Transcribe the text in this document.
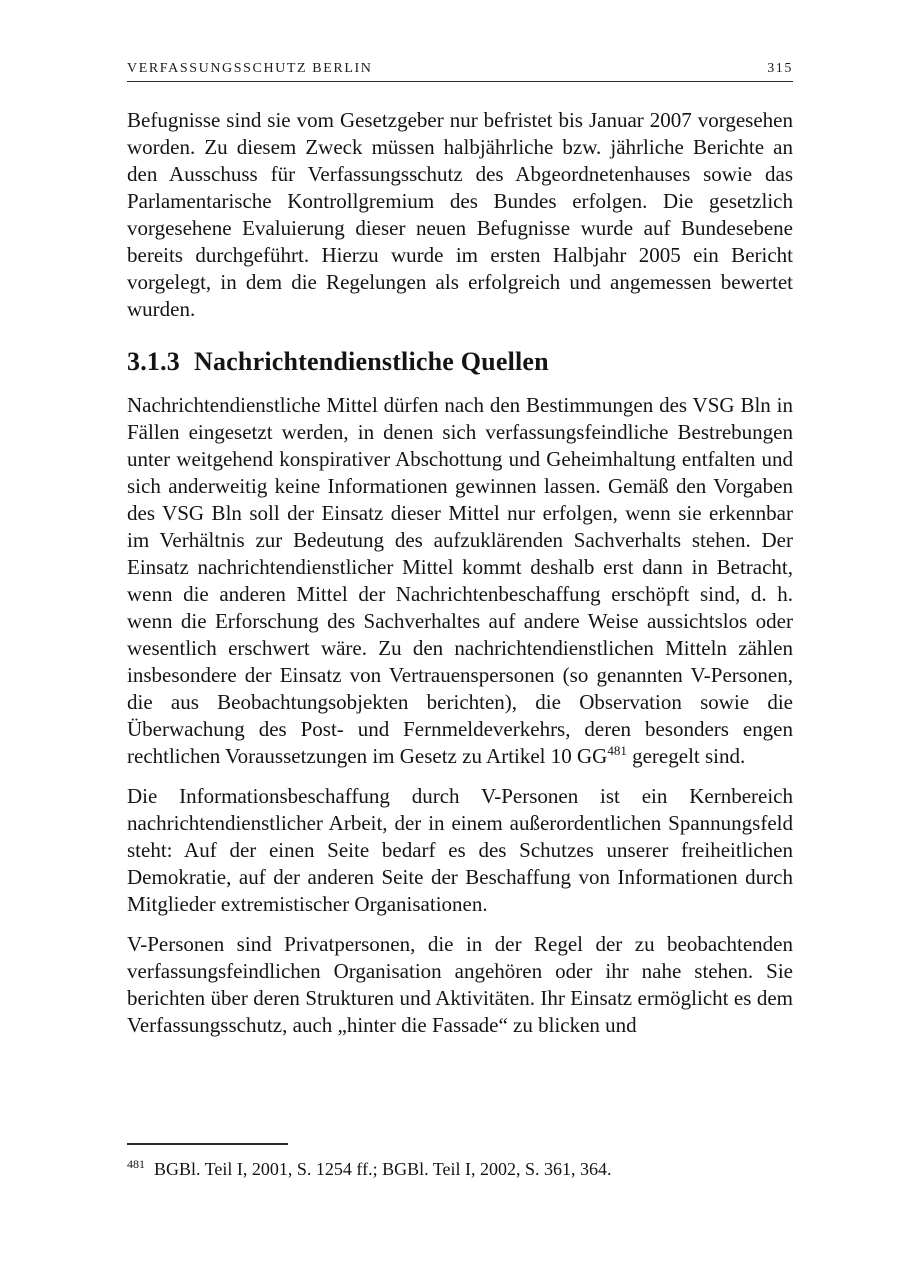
VERFASSUNGSSCHUTZ BERLIN	315

Befugnisse sind sie vom Gesetzgeber nur befristet bis Januar 2007 vorgesehen worden. Zu diesem Zweck müssen halbjährliche bzw. jährliche Berichte an den Ausschuss für Verfassungsschutz des Abgeordnetenhauses sowie das Parlamentarische Kontrollgremium des Bundes erfolgen. Die gesetzlich vorgesehene Evaluierung dieser neuen Befugnisse wurde auf Bundesebene bereits durchgeführt. Hierzu wurde im ersten Halbjahr 2005 ein Bericht vorgelegt, in dem die Regelungen als erfolgreich und angemessen bewertet wurden.

3.1.3 Nachrichtendienstliche Quellen

Nachrichtendienstliche Mittel dürfen nach den Bestimmungen des VSG Bln in Fällen eingesetzt werden, in denen sich verfassungsfeindliche Bestrebungen unter weitgehend konspirativer Abschottung und Geheimhaltung entfalten und sich anderweitig keine Informationen gewinnen lassen. Gemäß den Vorgaben des VSG Bln soll der Einsatz dieser Mittel nur erfolgen, wenn sie erkennbar im Verhältnis zur Bedeutung des aufzuklärenden Sachverhalts stehen. Der Einsatz nachrichtendienstlicher Mittel kommt deshalb erst dann in Betracht, wenn die anderen Mittel der Nachrichtenbeschaffung erschöpft sind, d. h. wenn die Erforschung des Sachverhaltes auf andere Weise aussichtslos oder wesentlich erschwert wäre. Zu den nachrichtendienstlichen Mitteln zählen insbesondere der Einsatz von Vertrauenspersonen (so genannten V-Personen, die aus Beobachtungsobjekten berichten), die Observation sowie die Überwachung des Post- und Fernmeldeverkehrs, deren besonders engen rechtlichen Voraussetzungen im Gesetz zu Artikel 10 GG$^{481}$ geregelt sind.

Die Informationsbeschaffung durch V-Personen ist ein Kernbereich nachrichtendienstlicher Arbeit, der in einem außerordentlichen Spannungsfeld steht: Auf der einen Seite bedarf es des Schutzes unserer freiheitlichen Demokratie, auf der anderen Seite der Beschaffung von Informationen durch Mitglieder extremistischer Organisationen.

V-Personen sind Privatpersonen, die in der Regel der zu beobachtenden verfassungsfeindlichen Organisation angehören oder ihr nahe stehen. Sie berichten über deren Strukturen und Aktivitäten. Ihr Einsatz ermöglicht es dem Verfassungsschutz, auch „hinter die Fassade“ zu blicken und

$^{481}$ BGBl. Teil I, 2001, S. 1254 ff.; BGBl. Teil I, 2002, S. 361, 364.
